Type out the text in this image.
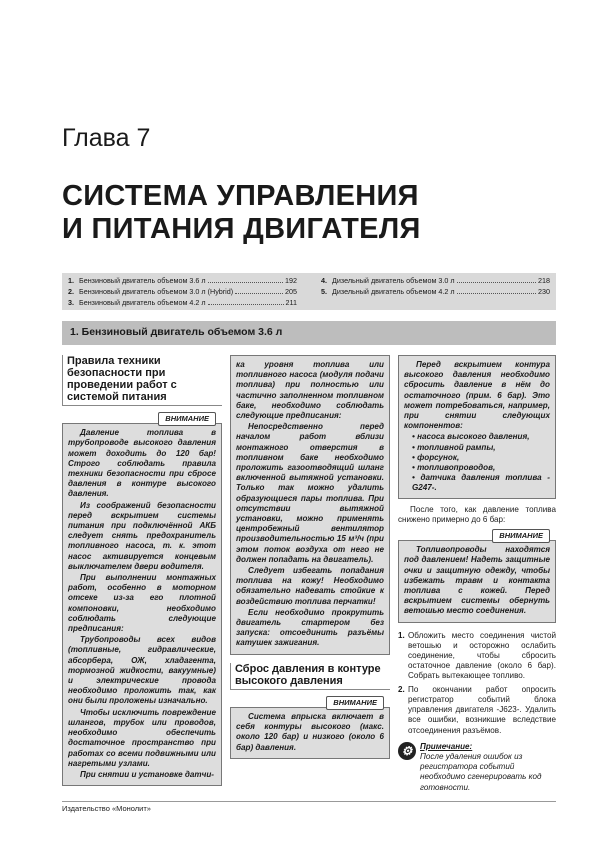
Глава 7
СИСТЕМА УПРАВЛЕНИЯ
И ПИТАНИЯ ДВИГАТЕЛЯ
1. Бензиновый двигатель объемом 3.6 л	192
2. Бензиновый двигатель объемом 3.0 л (Hybrid)	205
3. Бензиновый двигатель объемом 4.2 л	211
4. Дизельный двигатель объемом 3.0 л	218
5. Дизельный двигатель объемом 4.2 л	230
1. Бензиновый двигатель объемом 3.6 л
Правила техники безопасности при проведении работ с системой питания
ВНИМАНИЕ

Давление топлива в трубопроводе высокого давления может доходить до 120 бар! Строго соблюдать правила техники безопасности при сбросе давления в контуре высокого давления.

Из соображений безопасности перед вскрытием системы питания при подключённой АКБ следует снять предохранитель топливного насоса, т. к. этот насос активируется концевым выключателем двери водителя.

При выполнении монтажных работ, особенно в моторном отсеке из-за его плотной компоновки, необходимо соблюдать следующие предписания:

Трубопроводы всех видов (топливные, гидравлические, абсорбера, ОЖ, хладагента, тормозной жидкости, вакуумные) и электрические провода необходимо проложить так, как они были проложены изначально.

Чтобы исключить повреждение шлангов, трубок или проводов, необходимо обеспечить достаточное пространство при работах со всеми подвижными или нагретыми узлами.

При снятии и установке датчи-

ка уровня топлива или топливного насоса (модуля подачи топлива) при полностью или частично заполненном топливном баке, необходимо соблюдать следующие предписания:

Непосредственно перед началом работ вблизи монтажного отверстия в топливном баке необходимо проложить газоотводящий шланг включенной вытяжной установки. Только так можно удалить образующиеся пары топлива. При отсутствии вытяжной установки, можно применять центробежный вентилятор производительностью 15 м³/ч (при этом поток воздуха от него не должен попадать на двигатель).

Следует избегать попадания топлива на кожу! Необходимо обязательно надевать стойкие к воздействию топлива перчатки!

Если необходимо прокрутить двигатель стартером без запуска: отсоединить разъёмы катушек зажигания.

Сброс давления в контуре высокого давления
ВНИМАНИЕ

Система впрыска включает в себя контуры высокого (макс. около 120 бар) и низкого (около 6 бар) давления.

Перед вскрытием контура высокого давления необходимо сбросить давление в нём до остаточного (прим. 6 бар). Это может потребоваться, например, при снятии следующих компонентов:

• насоса высокого давления,
• топливной рампы,
• форсунок,
• топливопроводов,
• датчика давления топлива -G247-.

После того, как давление топлива снижено примерно до 6 бар:

ВНИМАНИЕ

Топливопроводы находятся под давлением! Надеть защитные очки и защитную одежду, чтобы избежать травм и контакта топлива с кожей. Перед вскрытием системы обернуть ветошью место соединения.

1. Обложить место соединения чистой ветошью и осторожно ослабить соединение, чтобы сбросить остаточное давление (около 6 бар). Собрать вытекающее топливо.
2. По окончании работ опросить регистратор событий блока управления двигателя -J623-. Удалить все ошибки, возникшие вследствие отсоединения разъёмов.
⚙ Примечание:
После удаления ошибок из регистратора событий необходимо сгенерировать код готовности.
Издательство «Монолит»
